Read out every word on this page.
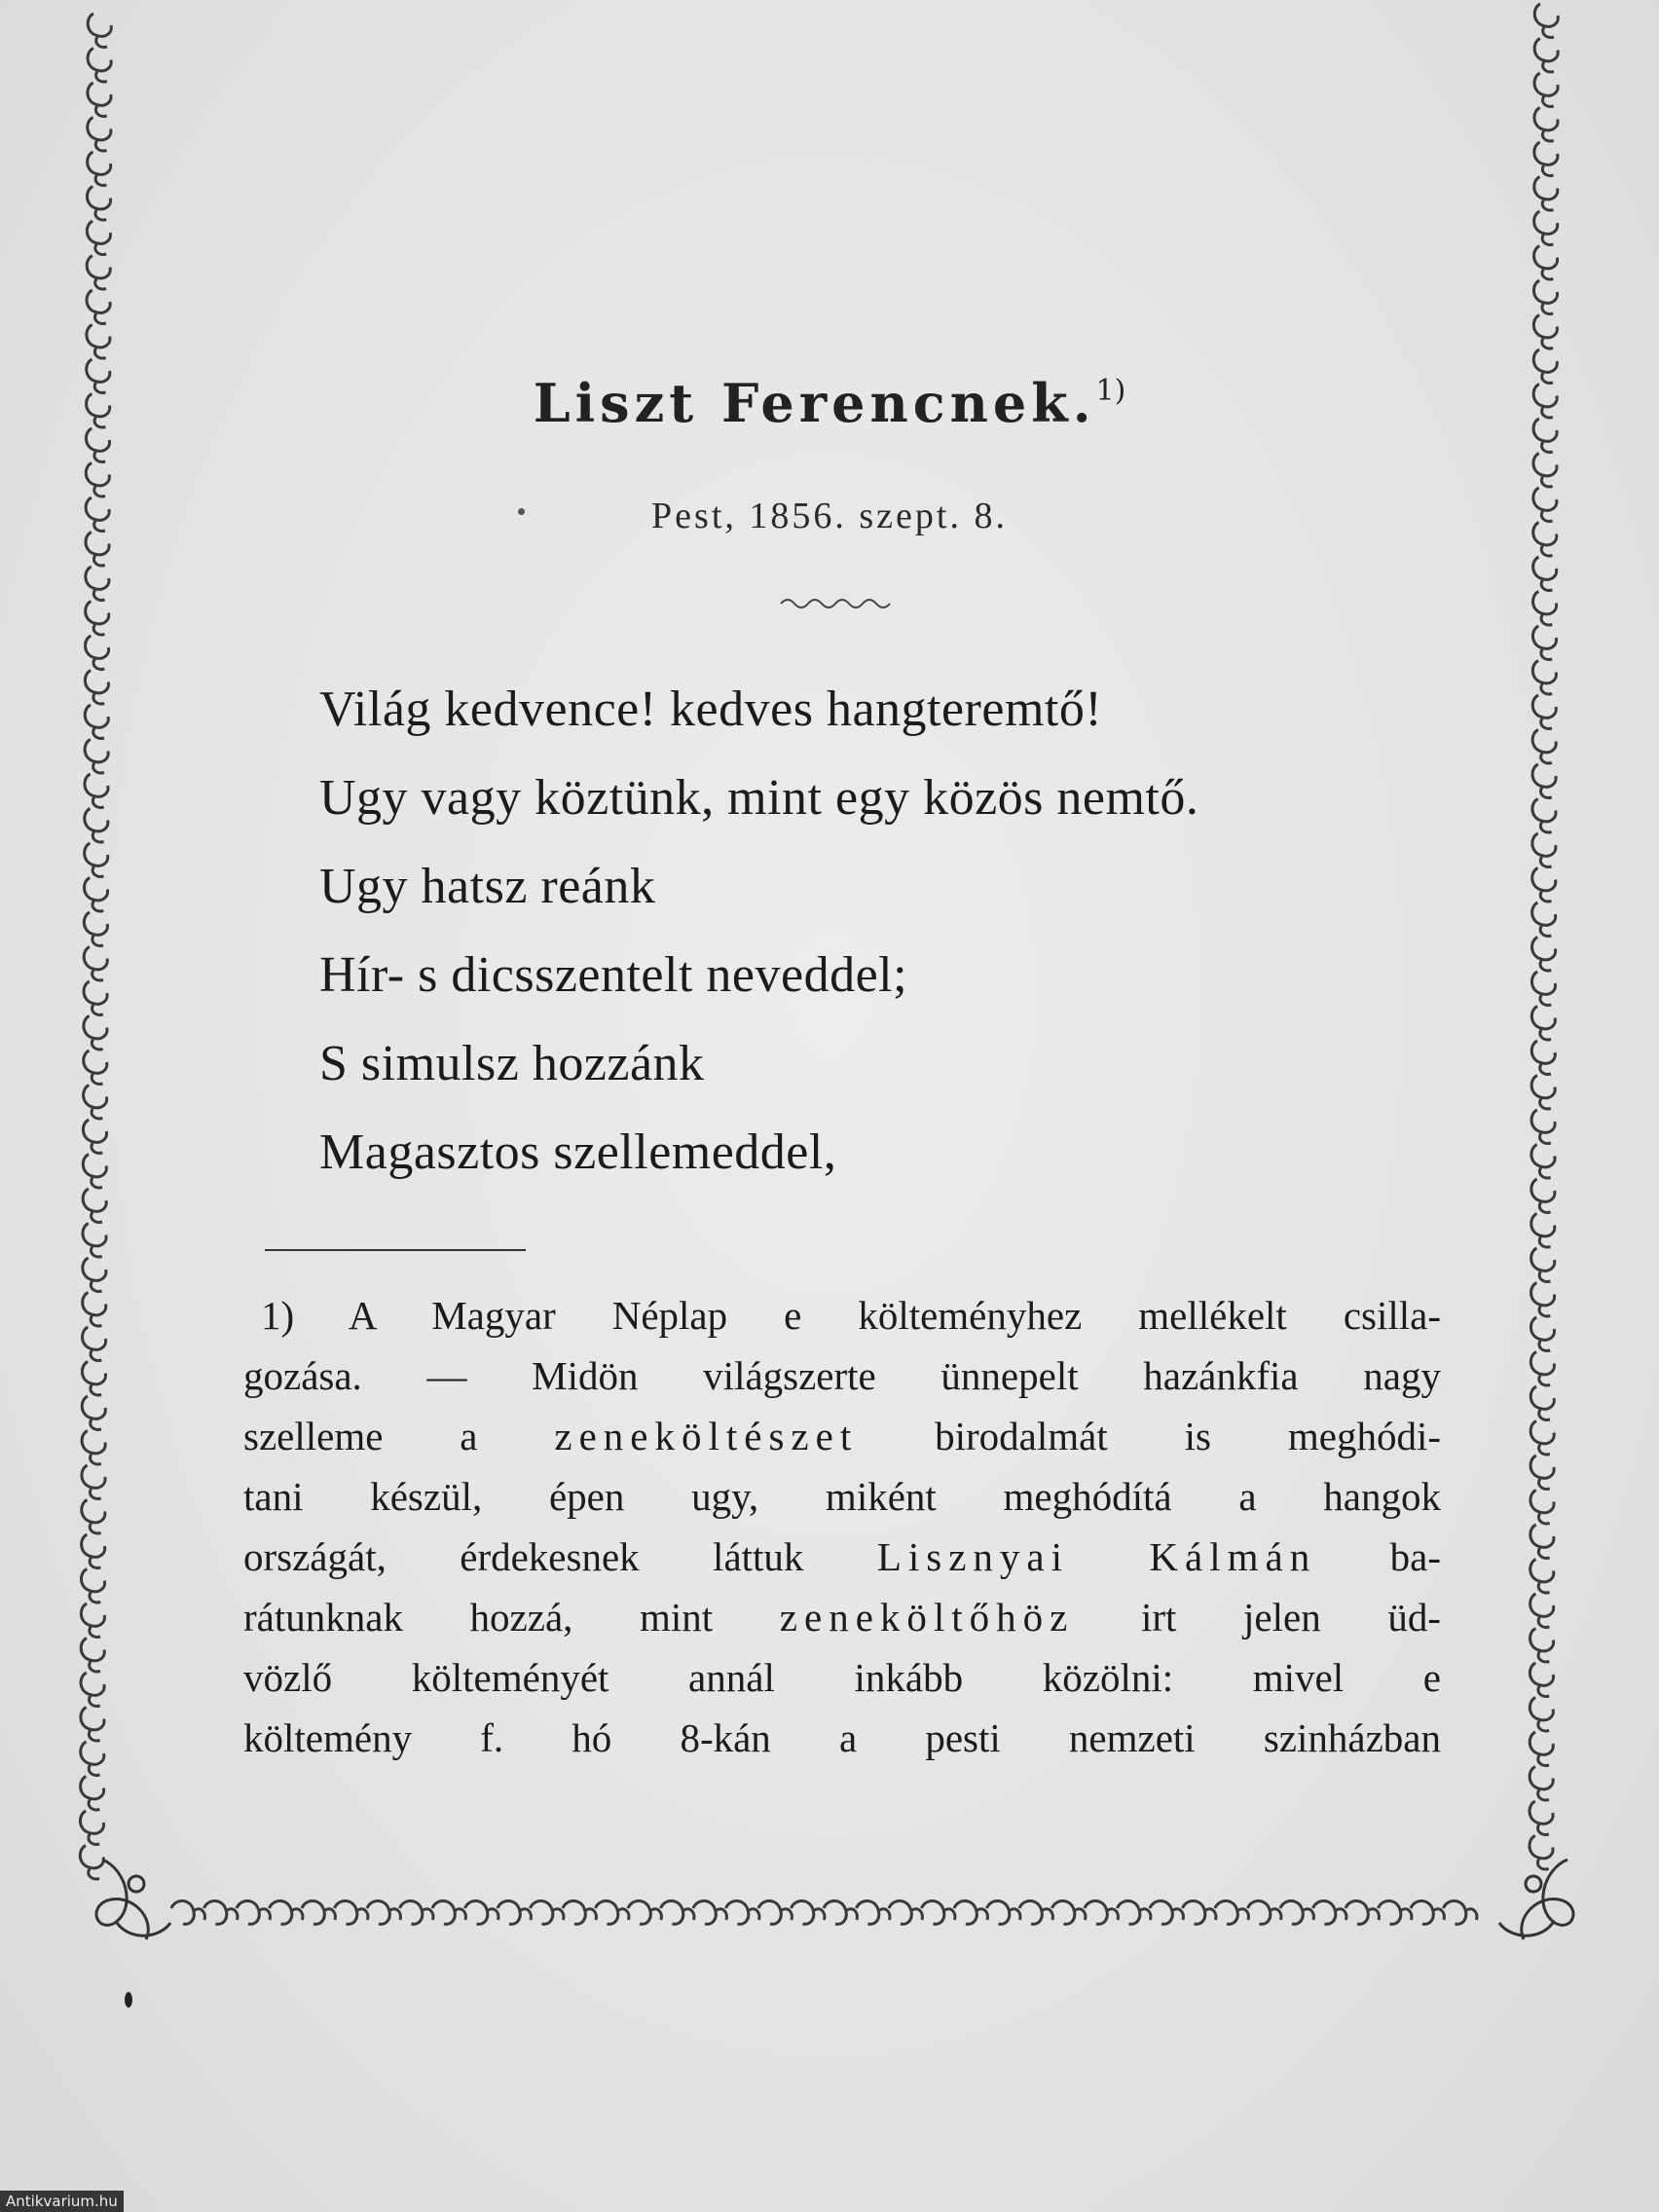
Liszt Ferencnek.$^{1)}$
Pest, 1856. szept. 8.
Világ kedvence! kedves hangteremtő!
Ugy vagy köztünk, mint egy közös nemtő.
Ugy hatsz reánk
Hír- s dicsszentelt neveddel;
S simulsz hozzánk
Magasztos szellemeddel,
1) A Magyar Néplap e költeményhez mellékelt csilla-
gozása. — Midön világszerte ünnepelt hazánkfia nagy
szelleme a zeneköltészet birodalmát is meghódi-
tani készül, épen ugy, miként meghódítá a hangok
országát, érdekesnek láttuk Lisznyai Kálmán ba-
rátunknak hozzá, mint zeneköltőhöz irt jelen üd-
vözlő költeményét annál inkább közölni: mivel e
költemény f. hó 8-kán a pesti nemzeti szinházban
Antikvarium.hu
